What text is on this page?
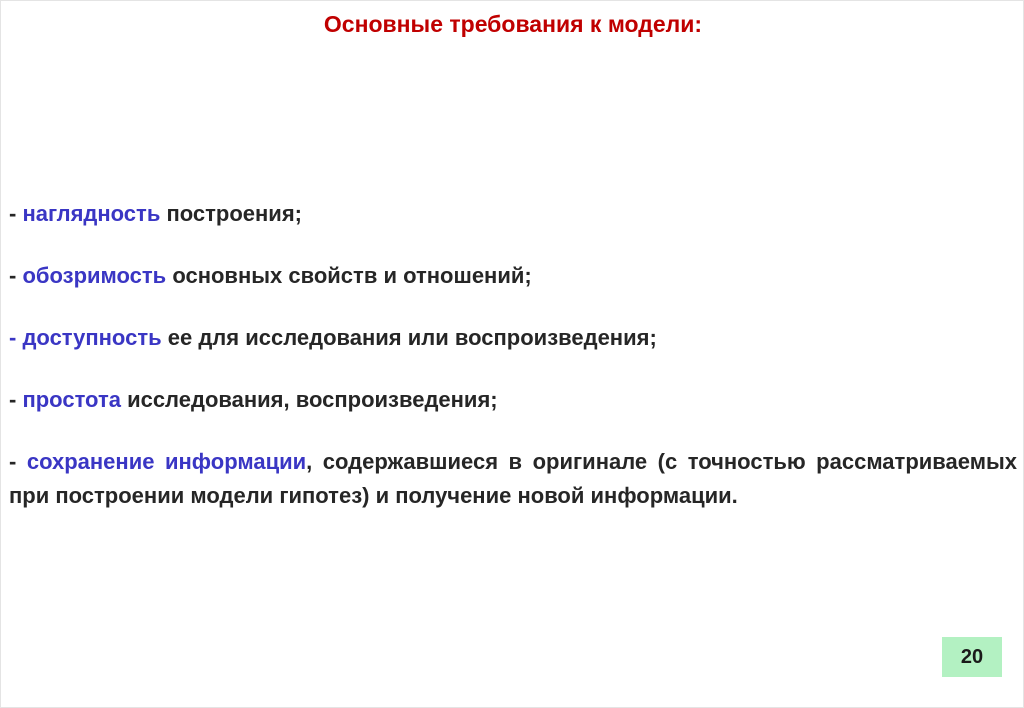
Основные требования к модели:
- наглядность построения;
- обозримость основных свойств и отношений;
- доступность ее для исследования или воспроизведения;
- простота исследования, воспроизведения;
- сохранение информации, содержавшиеся в оригинале (с точностью рассматриваемых при построении модели гипотез) и получение новой информации.
20
